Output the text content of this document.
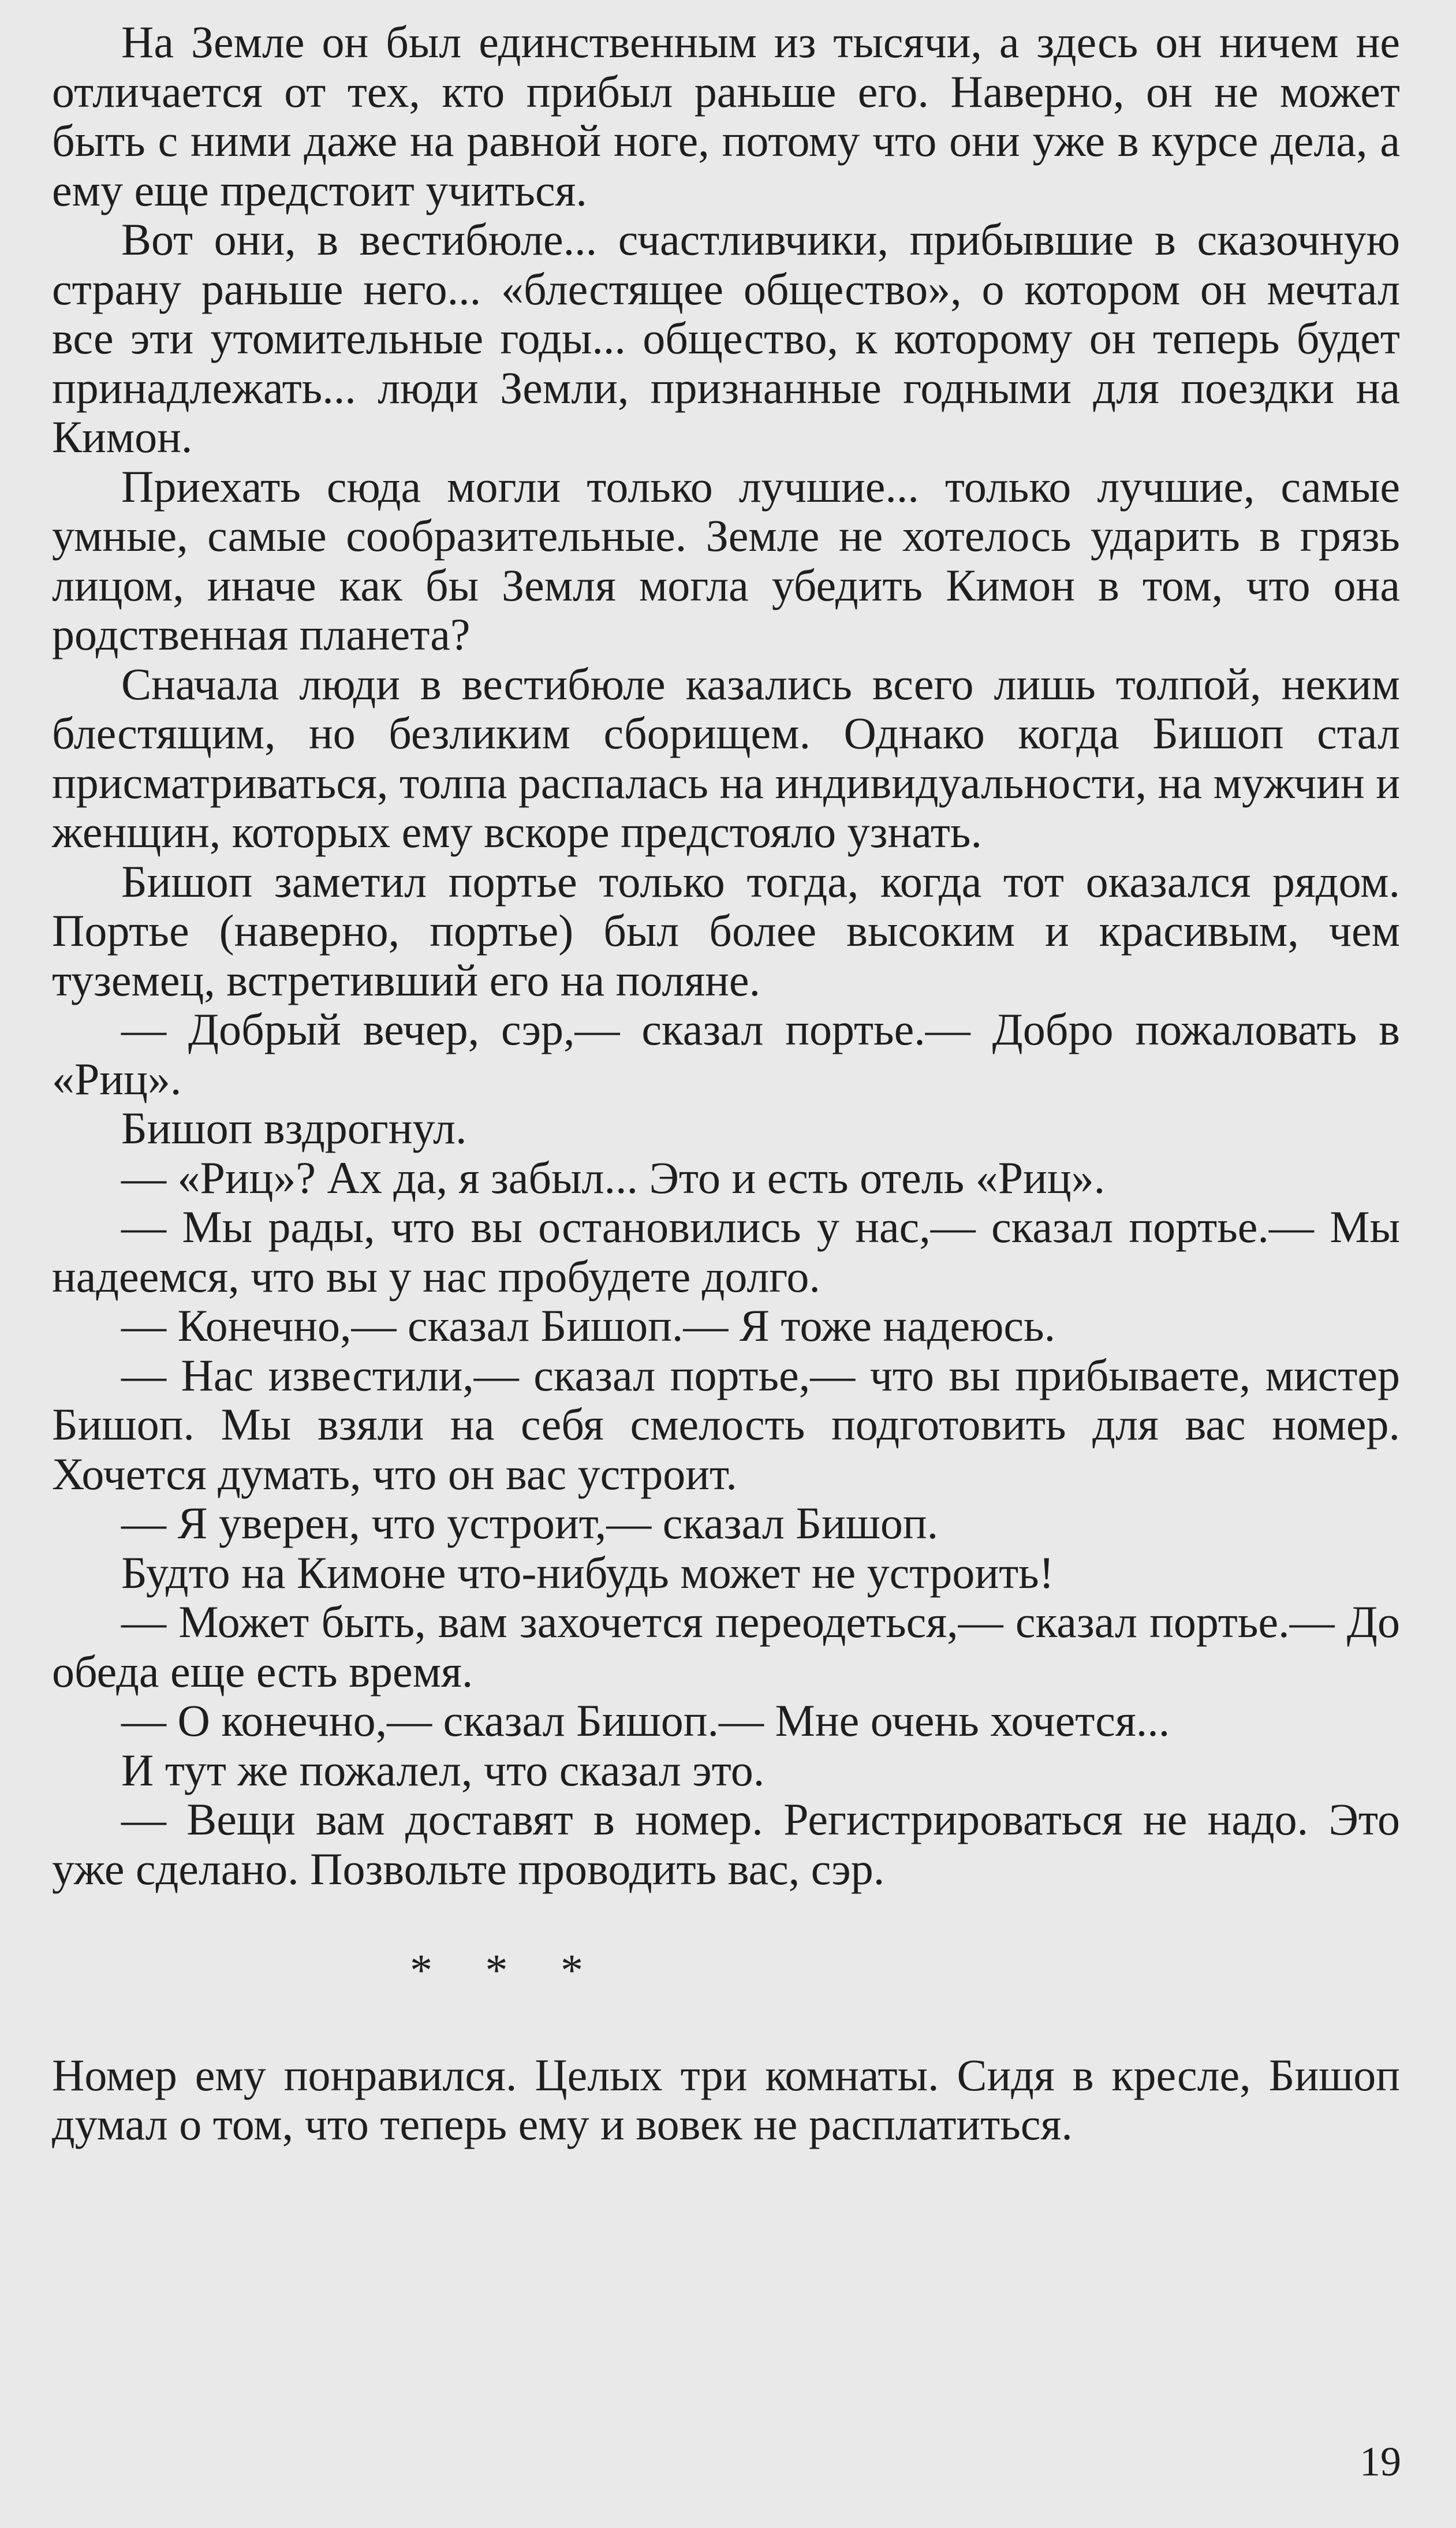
На Земле он был единственным из тысячи, а здесь он ничем не отличается от тех, кто прибыл раньше его. Наверно, он не может быть с ними даже на равной ноге, потому что они уже в курсе дела, а ему еще предстоит учиться.

Вот они, в вестибюле... счастливчики, прибывшие в сказочную страну раньше него... «блестящее общество», о котором он мечтал все эти утомительные годы... общество, к которому он теперь будет принадлежать... люди Земли, признанные годными для поездки на Кимон.

Приехать сюда могли только лучшие... только лучшие, самые умные, самые сообразительные. Земле не хотелось ударить в грязь лицом, иначе как бы Земля могла убедить Кимон в том, что она родственная планета?

Сначала люди в вестибюле казались всего лишь толпой, неким блестящим, но безликим сборищем. Однако когда Бишоп стал присматриваться, толпа распалась на индивидуальности, на мужчин и женщин, которых ему вскоре предстояло узнать.

Бишоп заметил портье только тогда, когда тот оказался рядом. Портье (наверно, портье) был более высоким и красивым, чем туземец, встретивший его на поляне.

— Добрый вечер, сэр,— сказал портье.— Добро пожаловать в «Риц».

Бишоп вздрогнул.

— «Риц»? Ах да, я забыл... Это и есть отель «Риц».

— Мы рады, что вы остановились у нас,— сказал портье.— Мы надеемся, что вы у нас пробудете долго.

— Конечно,— сказал Бишоп.— Я тоже надеюсь.

— Нас известили,— сказал портье,— что вы прибываете, мистер Бишоп. Мы взяли на себя смелость подготовить для вас номер. Хочется думать, что он вас устроит.

— Я уверен, что устроит,— сказал Бишоп.

Будто на Кимоне что-нибудь может не устроить!

— Может быть, вам захочется переодеться,— сказал портье.— До обеда еще есть время.

— О конечно,— сказал Бишоп.— Мне очень хочется...

И тут же пожалел, что сказал это.

— Вещи вам доставят в номер. Регистрироваться не надо. Это уже сделано. Позвольте проводить вас, сэр.

* * *

Номер ему понравился. Целых три комнаты. Сидя в кресле, Бишоп думал о том, что теперь ему и вовек не расплатиться.

19
